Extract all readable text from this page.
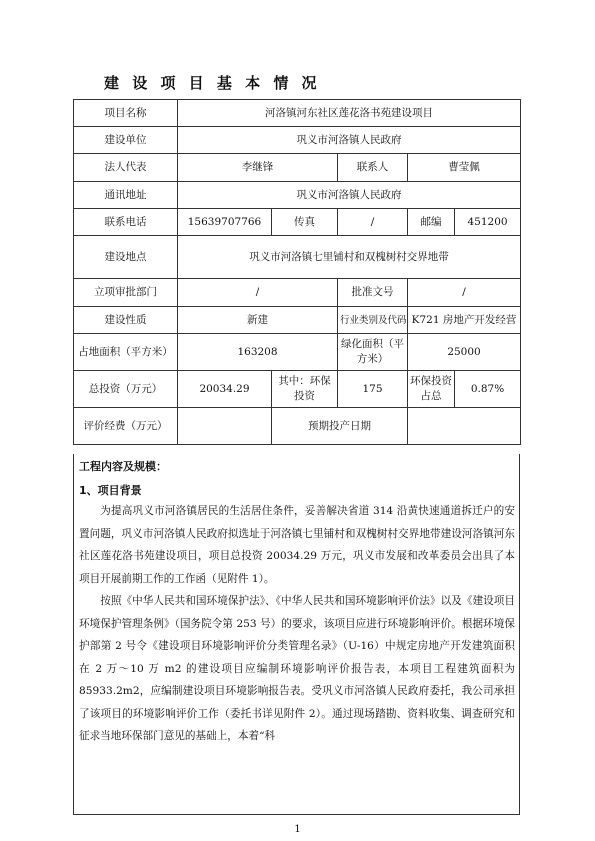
建 设 项 目 基 本 情 况
项目名称	河洛镇河东社区莲花洛书苑建设项目				
建设单位	巩义市河洛镇人民政府				
法人代表	李继锋		联系人	曹莹佩	
通讯地址	巩义市河洛镇人民政府				
联系电话	15639707766	传真	/	邮编	451200
建设地点	巩义市河洛镇七里铺村和双槐树村交界地带				
立项审批部门	/		批准文号	/	
建设性质	新建		行业类别及代码	K721 房地产开发经营	
占地面积（平方米）	163208		绿化面积（平方米）	25000	
总投资（万元）	20034.29	其中：环保投资	175	环保投资占总	0.87%
评价经费（万元）		预期投产日期			
工程内容及规模：
1、项目背景

为提高巩义市河洛镇居民的生活居住条件，妥善解决省道 314 沿黄快速通道拆迁户的安置问题，巩义市河洛镇人民政府拟选址于河洛镇七里铺村和双槐树村交界地带建设河洛镇河东社区莲花洛书苑建设项目，项目总投资 20034.29 万元，巩义市发展和改革委员会出具了本项目开展前期工作的工作函（见附件 1）。

按照《中华人民共和国环境保护法》、《中华人民共和国环境影响评价法》以及《建设项目环境保护管理条例》（国务院令第 253 号）的要求，该项目应进行环境影响评价。根据环境保护部第 2 号令《建设项目环境影响评价分类管理名录》（U-16）中规定房地产开发建筑面积在 2 万～10 万 m2 的建设项目应编制环境影响评价报告表，本项目工程建筑面积为 85933.2m2，应编制建设项目环境影响报告表。受巩义市河洛镇人民政府委托，我公司承担了该项目的环境影响评价工作（委托书详见附件 2）。通过现场踏勘、资料收集、调查研究和征求当地环保部门意见的基础上，本着“科

1
